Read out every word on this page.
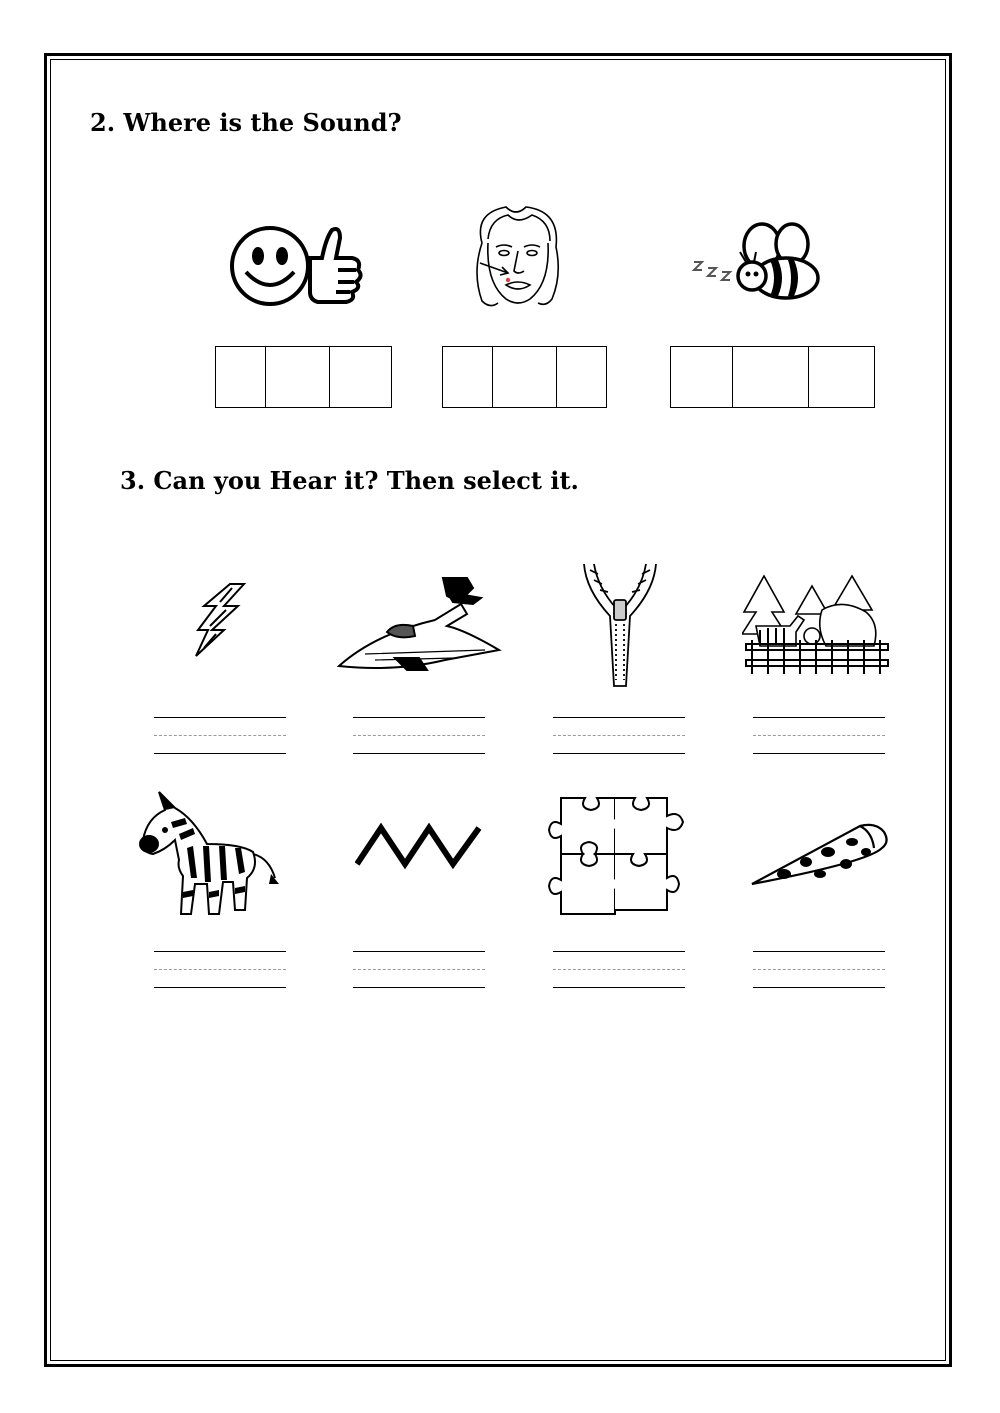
2. Where is the Sound?
3. Can you Hear it? Then select it.
